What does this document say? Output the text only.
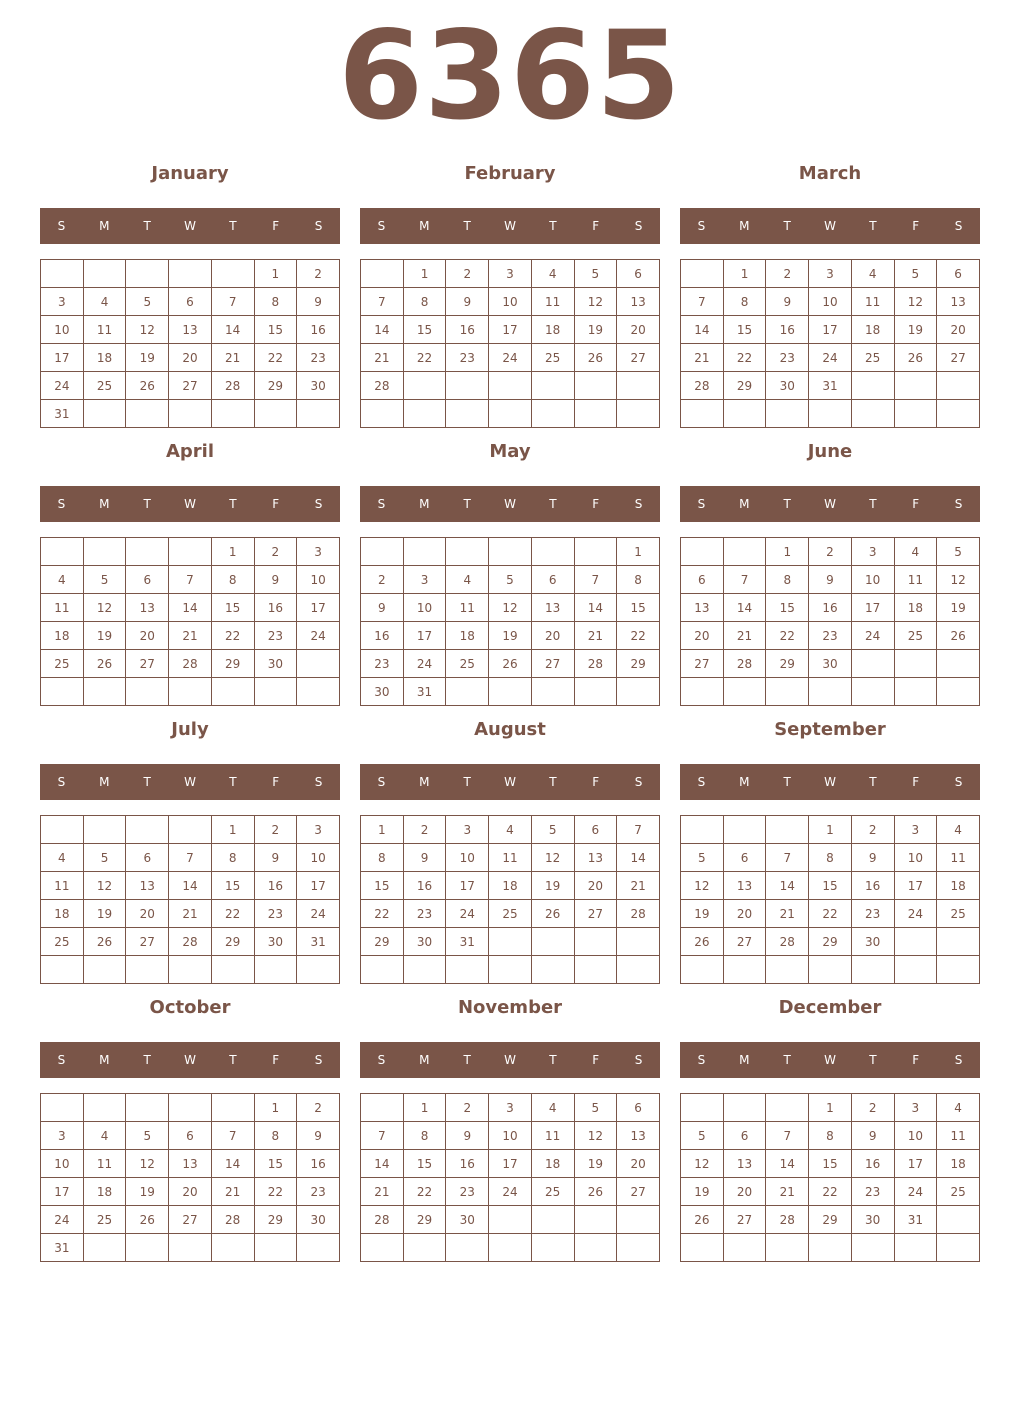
6365
January
S	M	T	W	T	F	S
					1	2
3	4	5	6	7	8	9
10	11	12	13	14	15	16
17	18	19	20	21	22	23
24	25	26	27	28	29	30
31						
February
S	M	T	W	T	F	S
	1	2	3	4	5	6
7	8	9	10	11	12	13
14	15	16	17	18	19	20
21	22	23	24	25	26	27
28						

March
S	M	T	W	T	F	S
	1	2	3	4	5	6
7	8	9	10	11	12	13
14	15	16	17	18	19	20
21	22	23	24	25	26	27
28	29	30	31			

April
S	M	T	W	T	F	S
				1	2	3
4	5	6	7	8	9	10
11	12	13	14	15	16	17
18	19	20	21	22	23	24
25	26	27	28	29	30	

May
S	M	T	W	T	F	S
						1
2	3	4	5	6	7	8
9	10	11	12	13	14	15
16	17	18	19	20	21	22
23	24	25	26	27	28	29
30	31					
June
S	M	T	W	T	F	S
		1	2	3	4	5
6	7	8	9	10	11	12
13	14	15	16	17	18	19
20	21	22	23	24	25	26
27	28	29	30			

July
S	M	T	W	T	F	S
				1	2	3
4	5	6	7	8	9	10
11	12	13	14	15	16	17
18	19	20	21	22	23	24
25	26	27	28	29	30	31

August
S	M	T	W	T	F	S
1	2	3	4	5	6	7
8	9	10	11	12	13	14
15	16	17	18	19	20	21
22	23	24	25	26	27	28
29	30	31				

September
S	M	T	W	T	F	S
			1	2	3	4
5	6	7	8	9	10	11
12	13	14	15	16	17	18
19	20	21	22	23	24	25
26	27	28	29	30		

October
S	M	T	W	T	F	S
					1	2
3	4	5	6	7	8	9
10	11	12	13	14	15	16
17	18	19	20	21	22	23
24	25	26	27	28	29	30
31						
November
S	M	T	W	T	F	S
	1	2	3	4	5	6
7	8	9	10	11	12	13
14	15	16	17	18	19	20
21	22	23	24	25	26	27
28	29	30				

December
S	M	T	W	T	F	S
			1	2	3	4
5	6	7	8	9	10	11
12	13	14	15	16	17	18
19	20	21	22	23	24	25
26	27	28	29	30	31	
